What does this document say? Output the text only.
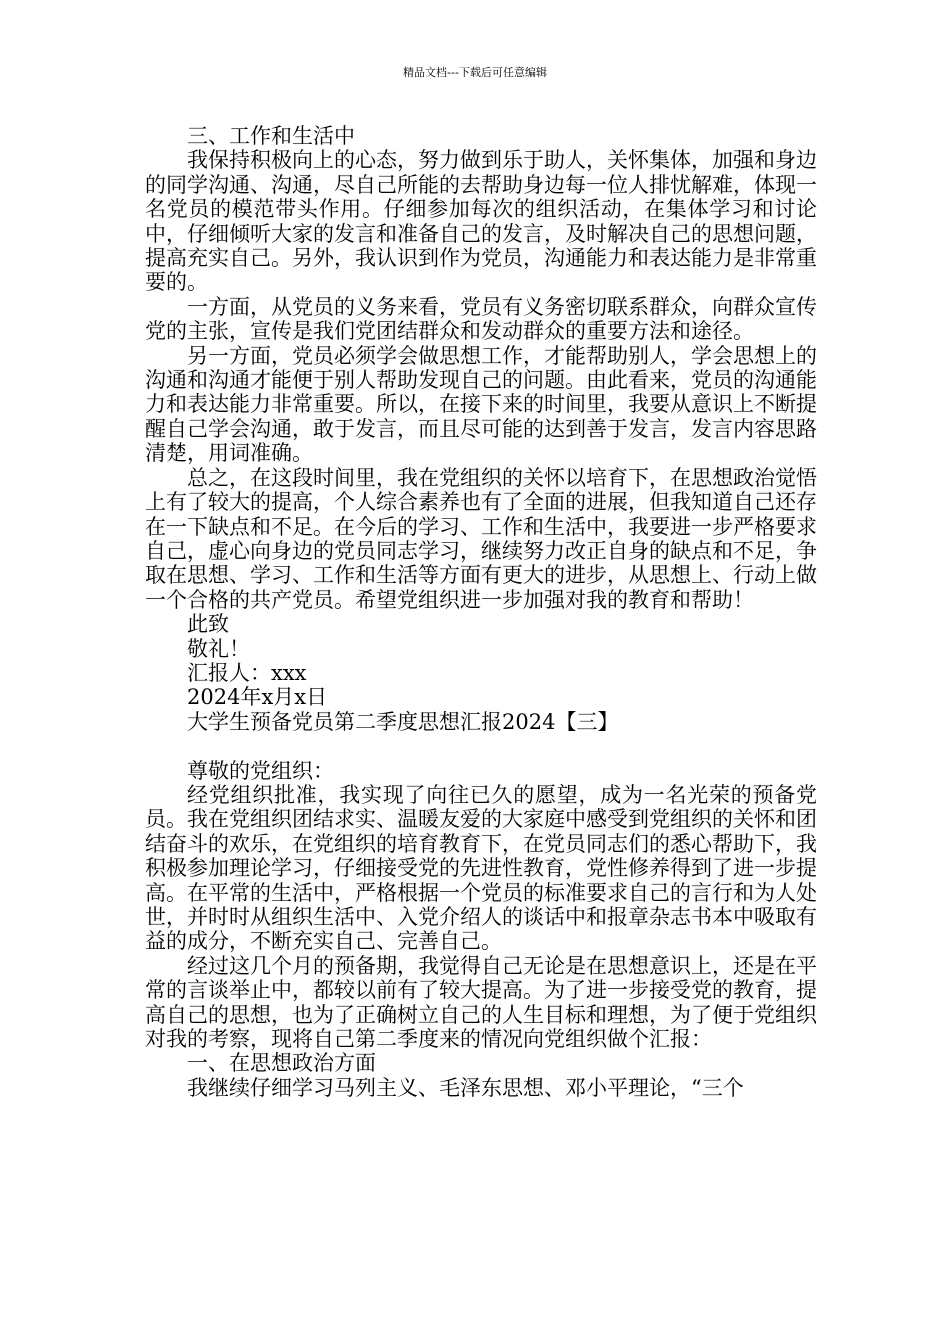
精品文档---下载后可任意编辑

三、工作和生活中

我保持积极向上的心态，努力做到乐于助人，关怀集体，加强和身边的同学沟通、沟通，尽自己所能的去帮助身边每一位人排忧解难，体现一名党员的模范带头作用。仔细参加每次的组织活动，在集体学习和讨论中，仔细倾听大家的发言和准备自己的发言，及时解决自己的思想问题，提高充实自己。另外，我认识到作为党员，沟通能力和表达能力是非常重要的。

一方面，从党员的义务来看，党员有义务密切联系群众，向群众宣传党的主张，宣传是我们党团结群众和发动群众的重要方法和途径。

另一方面，党员必须学会做思想工作，才能帮助别人，学会思想上的沟通和沟通才能便于别人帮助发现自己的问题。由此看来，党员的沟通能力和表达能力非常重要。所以，在接下来的时间里，我要从意识上不断提醒自己学会沟通，敢于发言，而且尽可能的达到善于发言，发言内容思路清楚，用词准确。

总之，在这段时间里，我在党组织的关怀以培育下，在思想政治觉悟上有了较大的提高，个人综合素养也有了全面的进展，但我知道自己还存在一下缺点和不足。在今后的学习、工作和生活中，我要进一步严格要求自己，虚心向身边的党员同志学习，继续努力改正自身的缺点和不足，争取在思想、学习、工作和生活等方面有更大的进步，从思想上、行动上做一个合格的共产党员。希望党组织进一步加强对我的教育和帮助！

此致

敬礼！

汇报人：xxx

2024年x月x日

大学生预备党员第二季度思想汇报2024【三】

尊敬的党组织：

经党组织批准，我实现了向往已久的愿望，成为一名光荣的预备党员。我在党组织团结求实、温暖友爱的大家庭中感受到党组织的关怀和团结奋斗的欢乐，在党组织的培育教育下，在党员同志们的悉心帮助下，我积极参加理论学习，仔细接受党的先进性教育，党性修养得到了进一步提高。在平常的生活中，严格根据一个党员的标准要求自己的言行和为人处世，并时时从组织生活中、入党介绍人的谈话中和报章杂志书本中吸取有益的成分，不断充实自己、完善自己。

经过这几个月的预备期，我觉得自己无论是在思想意识上，还是在平常的言谈举止中，都较以前有了较大提高。为了进一步接受党的教育，提高自己的思想，也为了正确树立自己的人生目标和理想，为了便于党组织对我的考察，现将自己第二季度来的情况向党组织做个汇报：

一、在思想政治方面

我继续仔细学习马列主义、毛泽东思想、邓小平理论，“三个
